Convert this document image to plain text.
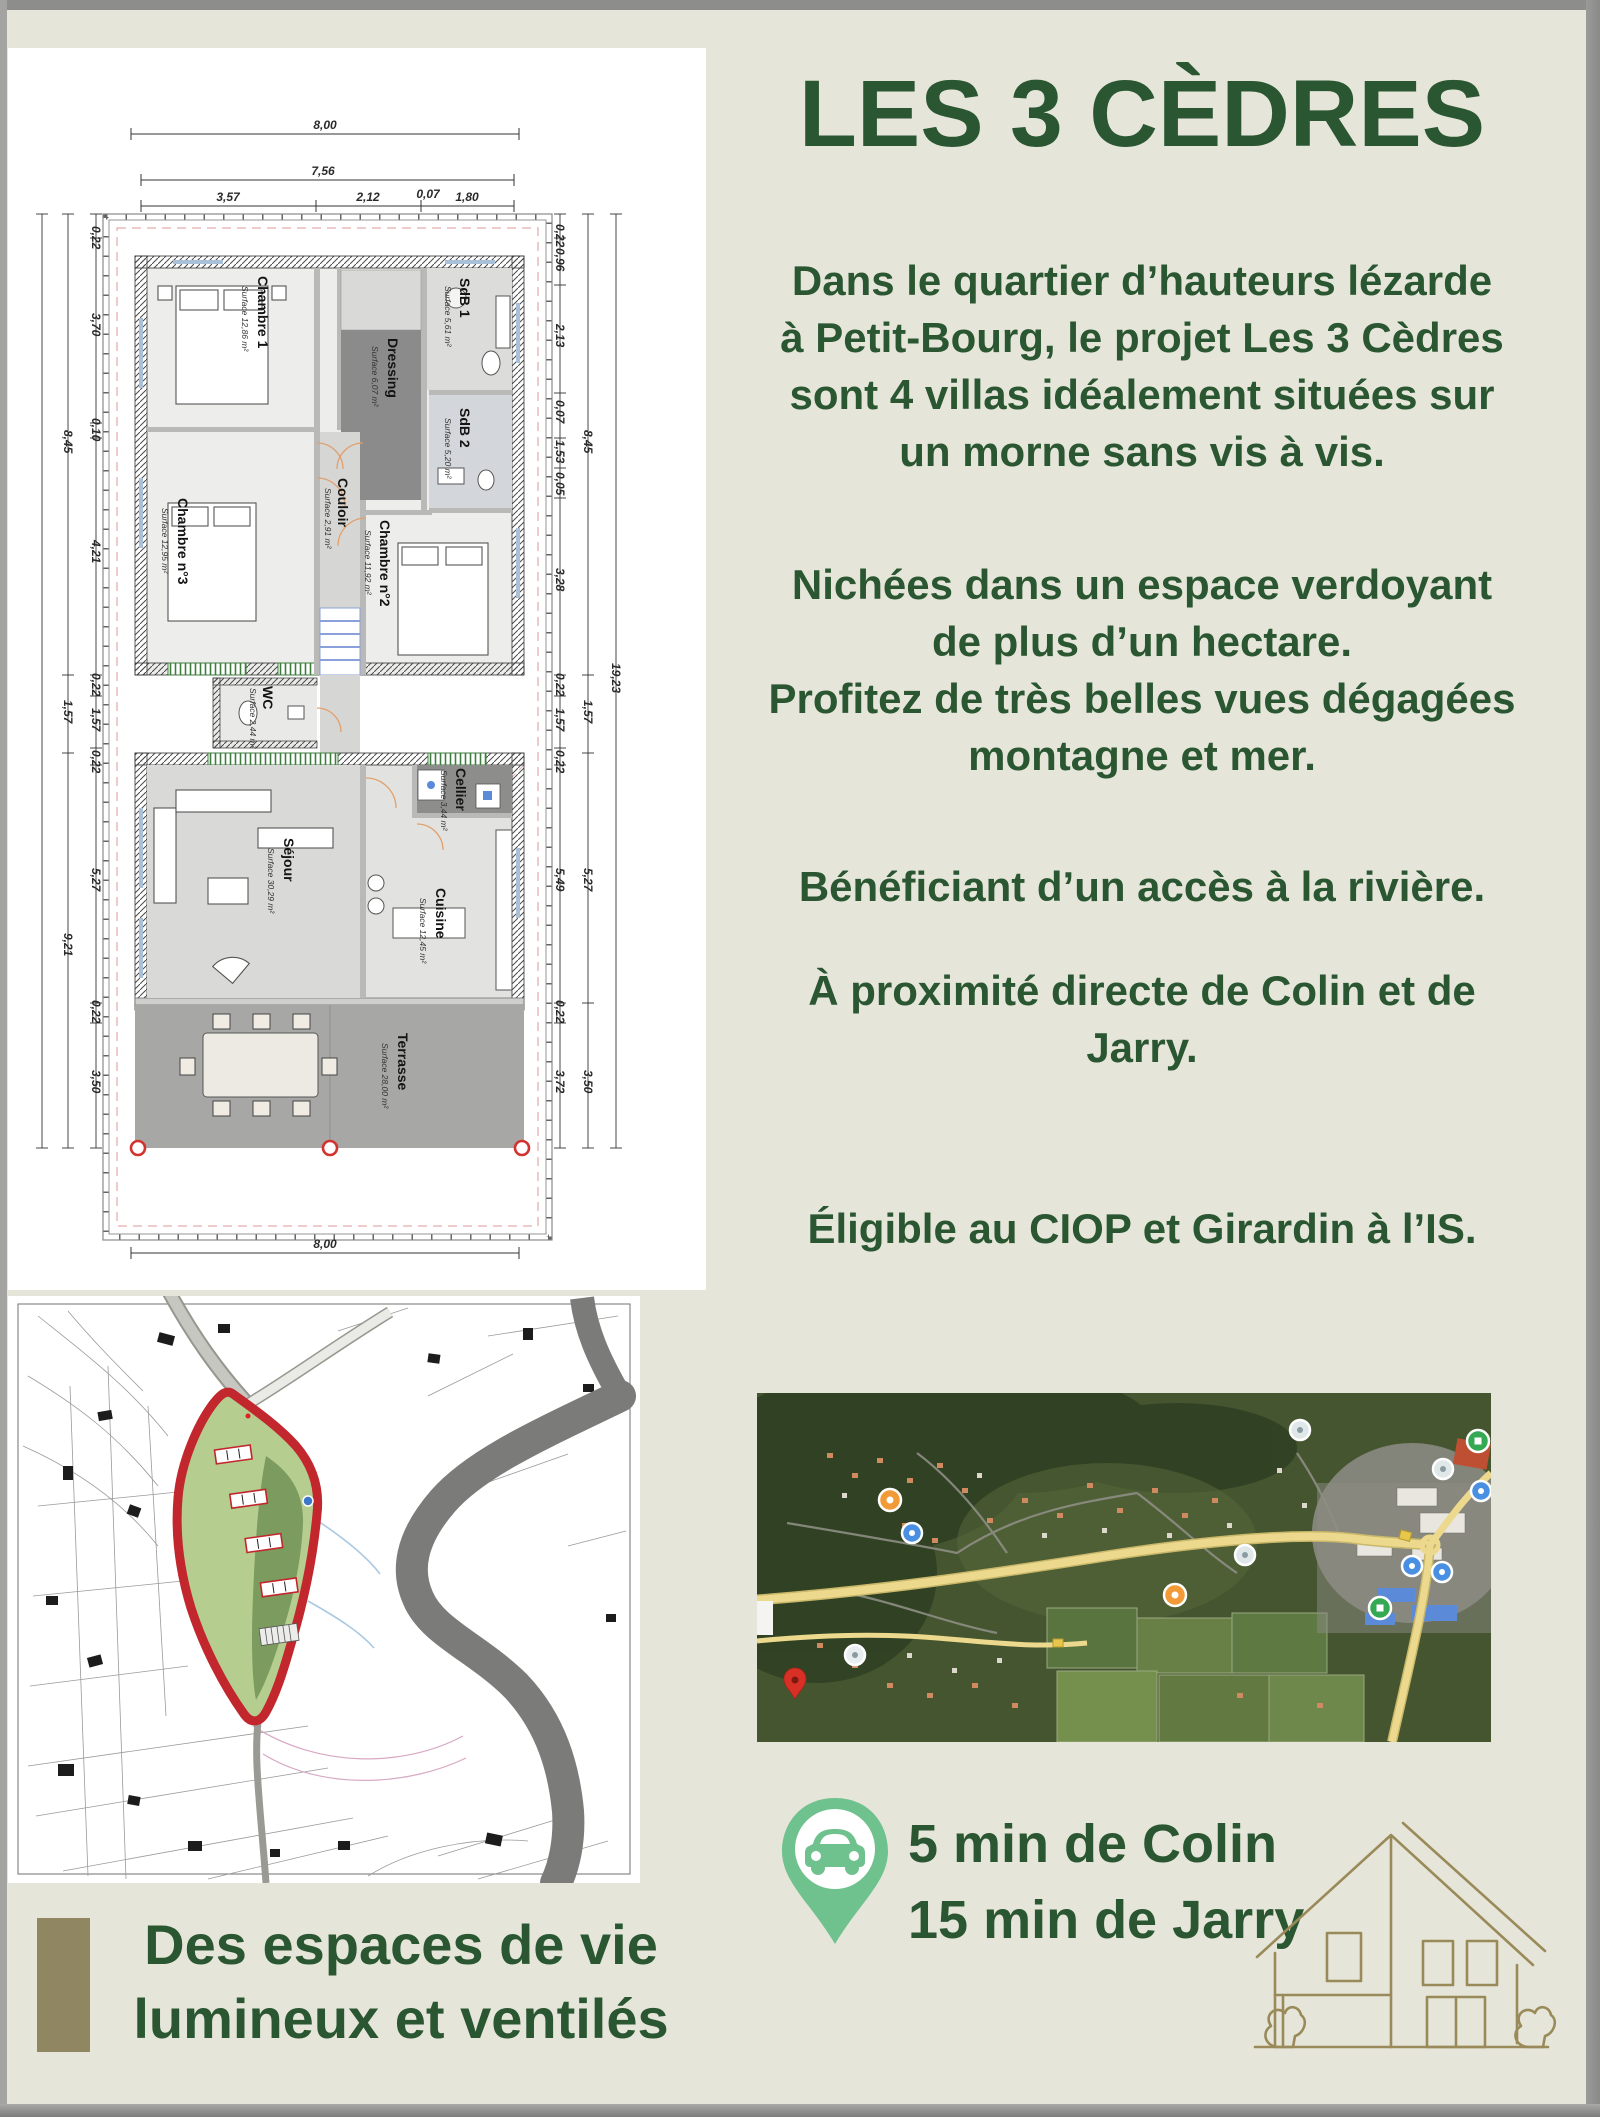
8,00
7,56
0,07
3,57	2,12	1,80
8,00
0,22
3,70
0,10
4,21
0,22
1,57
0,22
5,27
0,22
3,50
8,45
1,57
9,21
0,22
0,96
2,13
0,07
1,53
0,05
3,28
0,22
1,57
0,22
5,49
0,22
3,72
8,45
1,57
5,27
3,50
19,23
Chambre 1
Surface 12,86 m²
Dressing
Surface 6,07 m²
SdB 1
Surface 5,61 m²
SdB 2
Surface 5,20 m²
Couloir
Surface 2,91 m²
Chambre n°3
Surface 12,95 m²	Chambre n°2
Surface 11,92 m²
WC
Surface 2,44 m²
Cellier
Surface 3,44 m²
Séjour
Surface 30,29 m²
Cuisine
Surface 12,45 m²
Terrasse
Surface 28,00 m²
LES 3 CÈDRES
Dans le quartier d’hauteurs lézarde
à Petit-Bourg, le projet Les 3 Cèdres
sont 4 villas idéalement situées sur
un morne sans vis à vis.
Nichées dans un espace verdoyant
de plus d’un hectare.
Profitez de très belles vues dégagées
montagne et mer.
Bénéficiant d’un accès à la rivière.
À proximité directe de Colin et de
Jarry.
Éligible au CIOP et Girardin à l’IS.
5 min de Colin
15 min de Jarry
Des espaces de vie
lumineux et ventilés
